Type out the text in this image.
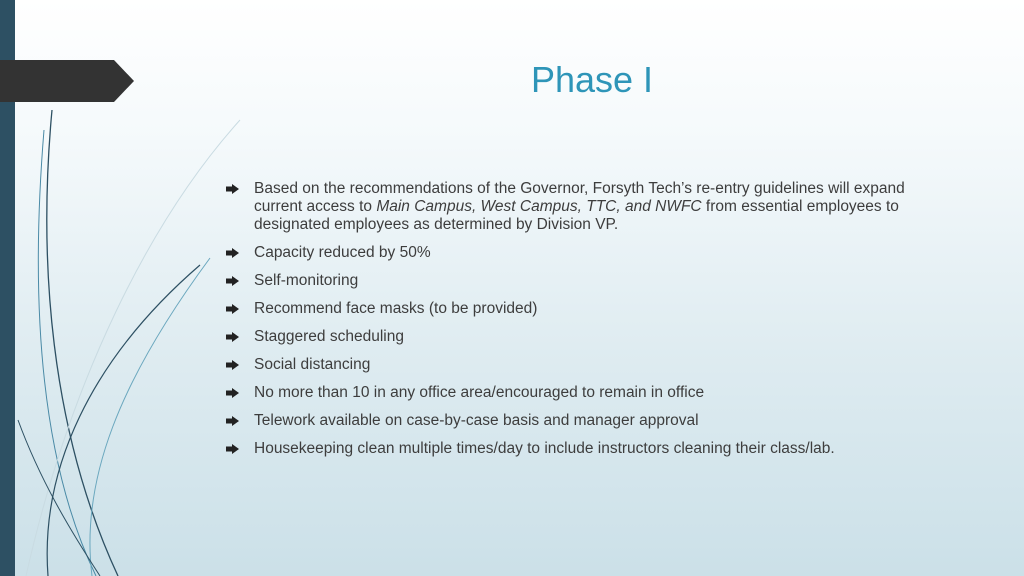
Phase I
Based on the recommendations of the Governor, Forsyth Tech’s re-entry guidelines will expand current access to Main Campus, West Campus, TTC, and NWFC from essential employees to designated employees as determined by Division VP.
Capacity reduced by 50%
Self-monitoring
Recommend face masks (to be provided)
Staggered scheduling
Social distancing
No more than 10 in any office area/encouraged to remain in office
Telework available on case-by-case basis and manager approval
Housekeeping clean multiple times/day to include instructors cleaning their class/lab.
